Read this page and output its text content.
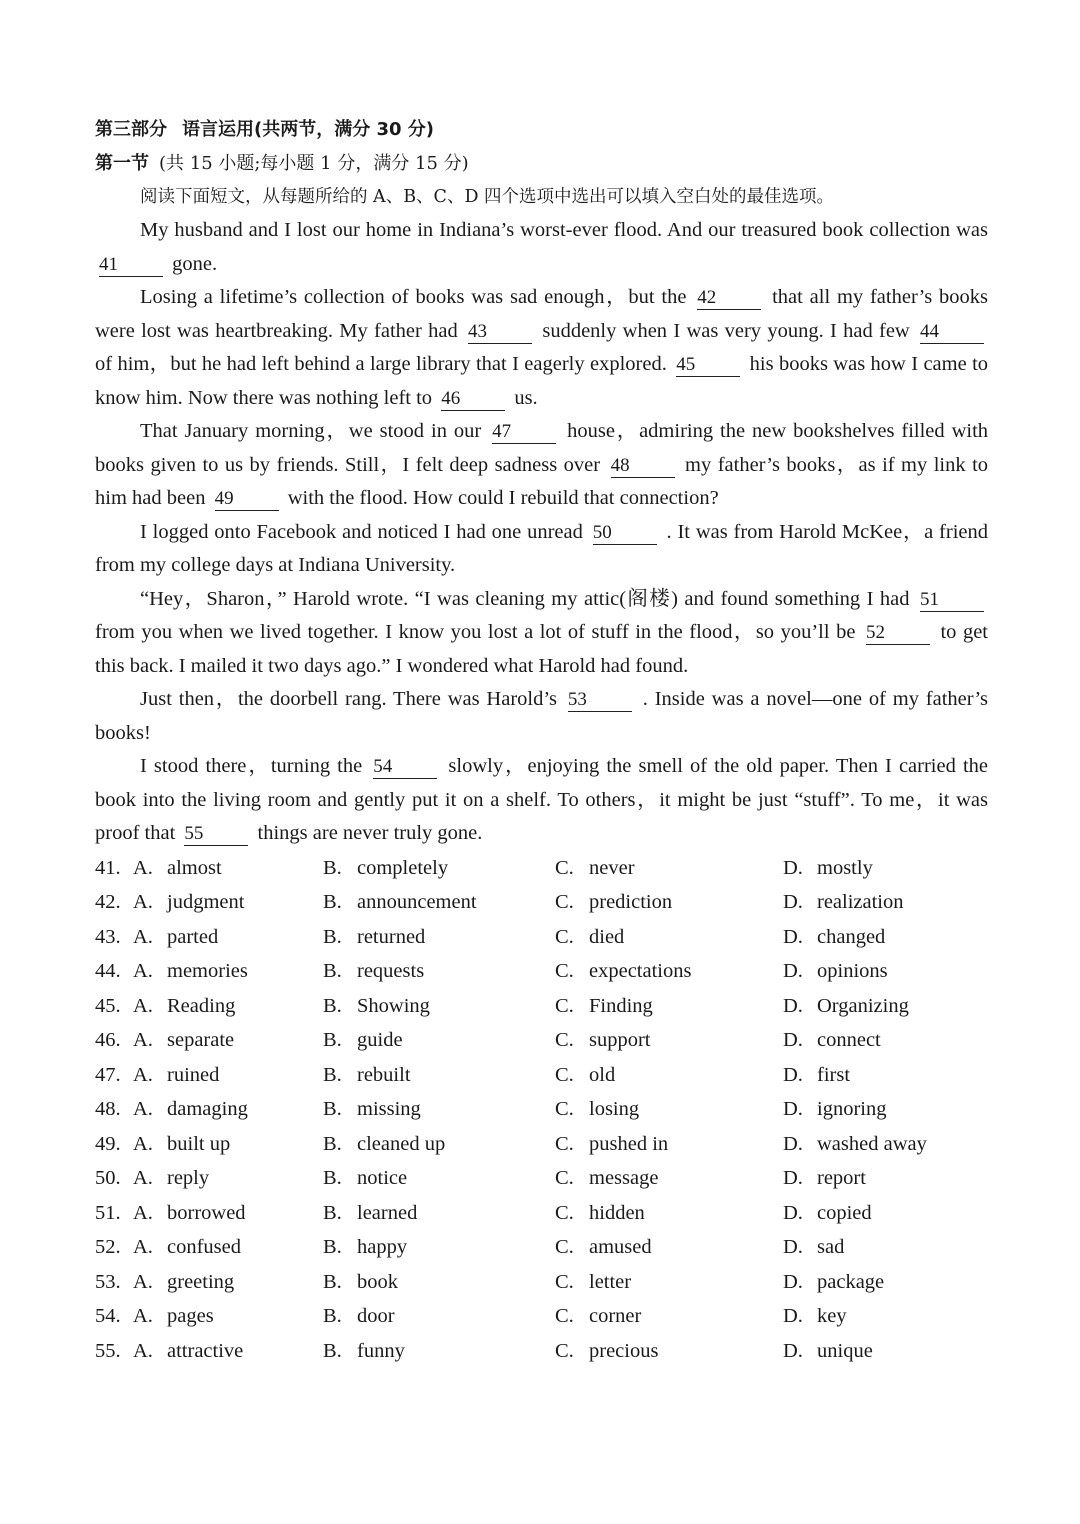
第三部分 语言运用(共两节，满分 30 分)
第一节 (共 15 小题;每小题 1 分，满分 15 分)
阅读下面短文，从每题所给的 A、B、C、D 四个选项中选出可以填入空白处的最佳选项。

My husband and I lost our home in Indiana’s worst-ever flood. And our treasured book collection was 41	gone.

Losing a lifetime’s collection of books was sad enough，but the 42	that all my father’s books were lost was heartbreaking. My father had 43	suddenly when I was very young. I had few 44 of him，but he had left behind a large library that I eagerly explored. 45	his books was how I came to know him. Now there was nothing left to 46	us.

That January morning，we stood in our 47	house，admiring the new bookshelves filled with books given to us by friends. Still，I felt deep sadness over 48	my father’s books，as if my link to him had been 49	with the flood. How could I rebuild that connection?

I logged onto Facebook and noticed I had one unread 50	. It was from Harold McKee，a friend from my college days at Indiana University.

“Hey，Sharon，” Harold wrote. “I was cleaning my attic(阁楼) and found something I had 51 from you when we lived together. I know you lost a lot of stuff in the flood，so you’ll be 52	to get this back. I mailed it two days ago.” I wondered what Harold had found.

Just then，the doorbell rang. There was Harold’s 53	. Inside was a novel—one of my father’s books!

I stood there，turning the 54	slowly，enjoying the smell of the old paper. Then I carried the book into the living room and gently put it on a shelf. To others，it might be just “stuff”. To me，it was proof that 55	things are never truly gone.

41. A. almost	B. completely	C. never	D. mostly
42. A. judgment	B. announcement	C. prediction	D. realization
43. A. parted	B. returned	C. died	D. changed
44. A. memories	B. requests	C. expectations	D. opinions
45. A. Reading	B. Showing	C. Finding	D. Organizing
46. A. separate	B. guide	C. support	D. connect
47. A. ruined	B. rebuilt	C. old	D. first
48. A. damaging	B. missing	C. losing	D. ignoring
49. A. built up	B. cleaned up	C. pushed in	D. washed away
50. A. reply	B. notice	C. message	D. report
51. A. borrowed	B. learned	C. hidden	D. copied
52. A. confused	B. happy	C. amused	D. sad
53. A. greeting	B. book	C. letter	D. package
54. A. pages	B. door	C. corner	D. key
55. A. attractive	B. funny	C. precious	D. unique
